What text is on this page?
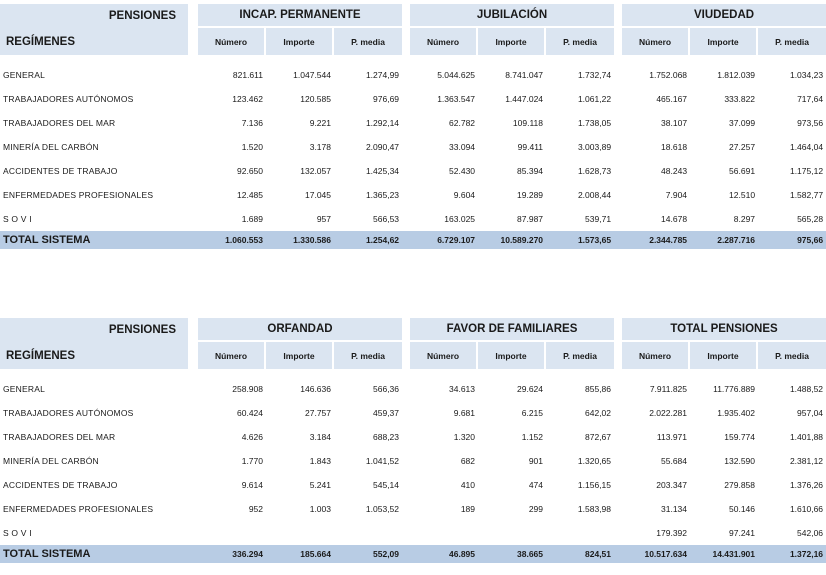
PENSIONES		INCAP. PERMANENTE				JUBILACIÓN				VIUDEDAD		
REGÍMENES		Número	Importe	P. media		Número	Importe	P. media		Número	Importe	P. media

GENERAL		821.611	1.047.544	1.274,99		5.044.625	8.741.047	1.732,74		1.752.068	1.812.039	1.034,23
TRABAJADORES AUTÓNOMOS		123.462	120.585	976,69		1.363.547	1.447.024	1.061,22		465.167	333.822	717,64
TRABAJADORES DEL MAR		7.136	9.221	1.292,14		62.782	109.118	1.738,05		38.107	37.099	973,56
MINERÍA DEL CARBÓN		1.520	3.178	2.090,47		33.094	99.411	3.003,89		18.618	27.257	1.464,04
ACCIDENTES DE TRABAJO		92.650	132.057	1.425,34		52.430	85.394	1.628,73		48.243	56.691	1.175,12
ENFERMEDADES PROFESIONALES		12.485	17.045	1.365,23		9.604	19.289	2.008,44		7.904	12.510	1.582,77
S O V I		1.689	957	566,53		163.025	87.987	539,71		14.678	8.297	565,28
TOTAL SISTEMA		1.060.553	1.330.586	1.254,62		6.729.107	10.589.270	1.573,65		2.344.785	2.287.716	975,66
PENSIONES		ORFANDAD				FAVOR DE FAMILIARES				TOTAL PENSIONES		
REGÍMENES		Número	Importe	P. media		Número	Importe	P. media		Número	Importe	P. media

GENERAL		258.908	146.636	566,36		34.613	29.624	855,86		7.911.825	11.776.889	1.488,52
TRABAJADORES AUTÓNOMOS		60.424	27.757	459,37		9.681	6.215	642,02		2.022.281	1.935.402	957,04
TRABAJADORES DEL MAR		4.626	3.184	688,23		1.320	1.152	872,67		113.971	159.774	1.401,88
MINERÍA DEL CARBÓN		1.770	1.843	1.041,52		682	901	1.320,65		55.684	132.590	2.381,12
ACCIDENTES DE TRABAJO		9.614	5.241	545,14		410	474	1.156,15		203.347	279.858	1.376,26
ENFERMEDADES PROFESIONALES		952	1.003	1.053,52		189	299	1.583,98		31.134	50.146	1.610,66
S O V I										179.392	97.241	542,06
TOTAL SISTEMA		336.294	185.664	552,09		46.895	38.665	824,51		10.517.634	14.431.901	1.372,16
